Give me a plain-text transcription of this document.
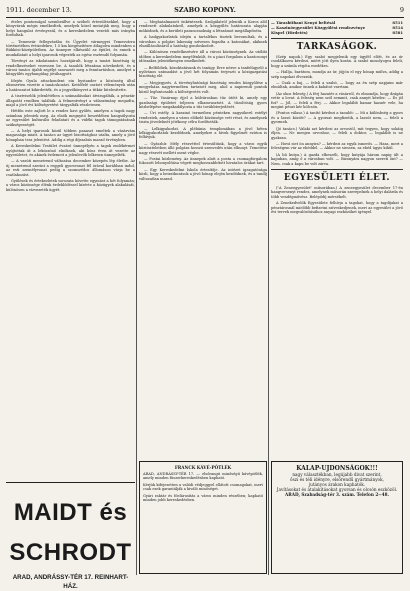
1911. december 13.	SZABO KOPONY.	9

ételes pontosságal szembeállve a szóbeli értesülésekkel, hogy a könyvárak mégis emelkedtek, amelyek közel mutatják meg, hogy a helyi hangulat érvényesül, és a kereskedelem vezetői más irányba fordultak.

— Temesvár fellegvárába és Ügyelet vármegyei Temesvárra történetében évtizedekre, 1.5 km kiegészítésre átlagolva mindenben a Bükkösi-középületben. Az ünnepre elkészülő az épület, és ennek a munkálatait a helyi iparosok végezték az egész esztendő folyamán.

Törvényt az iskolatanács hozzájárult, hogy a tanári bizottság új rendelkezéseket vezessen be. A tanulók létszáma növekedett, és a városi tanács újabb segélyt szavazott meg a fenntartáshoz, amelyet a közgyűlés egyhangúlag jóváhagyott.

Idején Gyula attackondent ein bystander a közönség által elismerten vezette a tanácskozást. Kettőfelé osztott vélemények után a határozatot kihirdették, és a jegyzőkönyvet a titkár hitelesítette.

A tisztviselők jelenlétében a számadásokat átvizsgálták, a pénztár állapotát rendben találták. A felmentvényt a választmány megadta, majd a jövő évi költségvetést tárgyalták részletesen.

Hétfőn este zajlott le a rendes havi gyűlés, amelyen a tagok nagy számban jelentek meg. Az elnök megnyitó beszédében hangsúlyozta az egyesület kulturális feladatait és a vidéki tagok támogatásának szükségességét.

— A helyi iparosok közül többen panaszt emeltek a vásárvám magassága miatt. A tanács az ügyet bizottsághoz utalta, amely a jövő hónapban tesz jelentést. Addig a régi díjszabás marad érvényben.

A Kereskedelmi Testület évzáró ünnepélyén a tagok emlékérmet nyújtottak át a leköszönő elnöknek, aki húsz éven át vezette az egyesületet, és akinek érdemeit a jelenlevők lelkesen ünnepelték.

— A vasúti menetrend változása december közepén lép életbe. Az új menetrend szerint a reggeli gyorsvonat fél órával korábban indul, az esti személyvonat pedig a szomszédos állomáson várja be a csatlakozást.

Gyűlések és értekezletek sorozata követte egymást a hét folyamán; a város közönsége élénk érdeklődéssel kísérte a közügyek alakulását, különösen a vízvezeték ügyét.

— Meghatalmazott önkéntesek. Szolgálatról jelentik a Koros alól rendezett alakulatokról, amelyek a közgyűlés határozata alapján működnek, és a kerületi parancsnokság a létszámot megállapította.

A hadgyakorlatok idején a tartalékos tisztek bevonultak, és a városban a polgári lakosság szívesen fogadta a katonákat, akiknek elszállásolásáról a hatóság gondoskodott.

— Különösen rendelkezésére áll a városi közönségnek. Az utóbbi időben a kereskedelem megélénkült, és a piaci forgalom a karácsonyi időszakra jelentékenyen emelkedett.

— Belföldiek, közoktatásunk és tanügy. Erre nézve a tanfelügyelő a nyilvános számadást a jövő hét folyamán terjeszti a közigazgatási bizottság elé.

— Megjegyzés. A törvényhatósági bizottság rendes közgyűlése a megyeháza nagytermében tartatott meg, ahol a napirendi pontok közül legfontosabb a költségvetés volt.

— Tűz. Vasárnap éjjel a külvárosban tűz ütött ki, amely egy gazdasági épületet teljesen elhamvasztott. A tűzoltóság gyors közbelépése megakadályozta a tűz továbbterjedését.

— Úri estély. A kaszinó termeiben pénteken nagysikerű estélyt rendeztek, amelyen a város előkelő közönsége vett részt, és amelynek tiszta jövedelmét jótékony célra fordították.

— Lelkigyakorlat. A plébánia templomában a jövő héten lelkigyakorlatok kezdődnek, amelyekre a hívek figyelmét ezúton is felhívjuk.

— Gyászhír. Mély részvéttel értesültünk, hogy a város egyik köztiszteletben álló polgára hosszú szenvedés után elhunyt. Temetése nagy részvét mellett ment végbe.

— Postai közlemény. Az ünnepek alatt a posta a csomagforgalom fokozott lebonyolítása végett meghosszabbított hivatalos órákat tart.

— Egy Kereskedelmi Iskola értesítője. Az intézet igazgatósága közli, hogy a beiratkozások a jövő hónap elején kezdődnek, és a tandíj változatlan marad.

— Tárasbitbani Kenyó beltésál	8511
— Kaszinóegyesület Közgyűlési rendezvénye	8514
Kispel (Hirdetés)	8581
TARKASÁGOK.

(Szép napok.) Egy szabó megjelenik egy ügyfél előtt, és az úr csodálkozva kérdezi, miért jött ilyen korán. A szabó mosolyogva feleli, hogy a számla régóta esedékes.

— Hallja, barátom, mondja az úr, jöjjön el egy hónap múlva, addig a szép napokat élvezzük.

— Csak a baj, — feleli a szabó, — hogy az én szép napjaim már elmúltak, amikor önnek a kabátot varrtam.

(Az okos feleség.) A férj hazatér a vásárról, és elmondja, hogy drágán vette a lovat. A feleség nem szól semmit, csak annyit kérdez: — És jól fut? — Jól, — feleli a férj. — Akkor legalább hamar hazaér vele, ha megint pénzt kér kölcsön.

(Pontos válasz.) A tanító kérdezi a tanulót: — Mi a különbség a gyors és a lassú között? — A gyorsat megfizetik, a lassút nem, — feleli a gyermek.

(Jó tanács.) Valaki azt kérdezi az orvostól, mit tegyen, hogy sokáig éljen. — Ne menjen orvoshoz, — feleli a doktor, — legalább is ne gyakran.

— Hová siet ön annyira? — kérdezi az egyik ismerős. — Haza, mert a feleségem vár az ebéddel. — Akkor ne siessen, az ebéd úgyis kihűl.

(A hű kutya.) A gazda elbeszéli, hogy kutyája három napig ült a kapuban, amíg ő a városban volt. — Bizonyára nagyon szereti önt? — Nem, csak a kapu be volt zárva.

EGYESÜLETI ÉLET.

("A Zeneegyesület" műsorában.) A zeneegyesület december 17-én hangversenyt rendez, amelynek műsorán szerepelnek a helyi dalárda és több vendégművész. Belépődíj mérsékelt.

A Zenekedvelők Egyesülete felhívja a tagokat, hogy a tagdíjakat a pénztárosnál mielőbb befizetni szíveskedjenek, mert az egyesület a jövő évi tervek megvalósításához anyagi eszközöket igényel.

MAIDT és SCHRODT
ARAD, ANDRÁSSY-TÉR 17. REINHART-HÁZ.

FRANCK KÁVÉ-PÓTLÉK

ARAD, ANDRÁSSY-TÉR 17. — elsőrangú minőségű kávépótlék, amely minden füszerkereskedésben kapható.

Kérjük kifejezetten a valódi védjeggyel ellátott csomagokat, mert csak ezek garantálják a kiváló minőséget.

Gyári raktár és főelárusítás a város minden részében; kapható minden jobb kereskedésben.

KALAP-UJDONSÁGOK!!!
nagy választékban, legújabb divat szerint,
őszi és téli idényre, elsőrendű gyártmányok,
jutányos árakon kaphatók.
Javításokat és átalakításokat gyorsan és olcsón eszközöl.
ARAD, Szabadság-tér 3. szám. Telefon 2--48.
